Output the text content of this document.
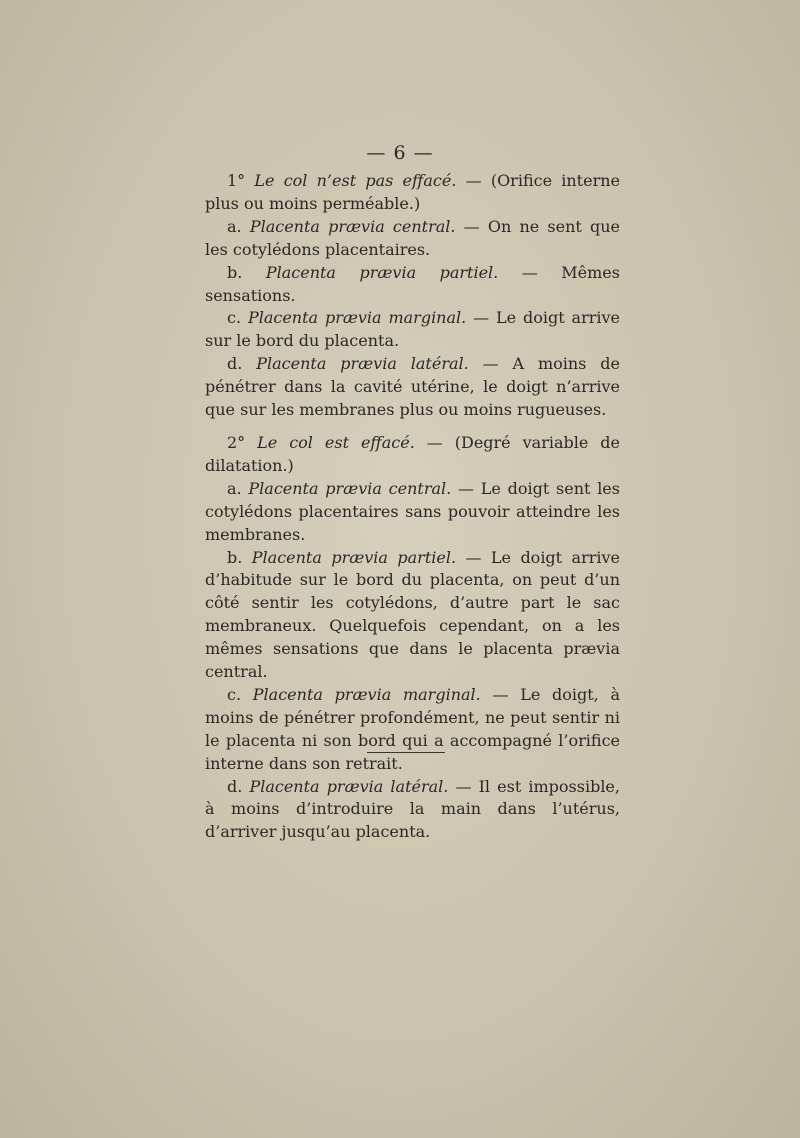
— 6 —

1° Le col n’est pas effacé. — (Orifice interne plus ou moins perméable.)

a. Placenta prævia central. — On ne sent que les cotylédons placentaires.

b. Placenta prævia partiel. — Mêmes sensations.

c. Placenta prævia marginal. — Le doigt arrive sur le bord du placenta.

d. Placenta prævia latéral. — A moins de pénétrer dans la cavité utérine, le doigt n’arrive que sur les membranes plus ou moins rugueuses.

2° Le col est effacé. — (Degré variable de dilatation.)

a. Placenta prævia central. — Le doigt sent les cotylédons placentaires sans pouvoir atteindre les membranes.

b. Placenta prævia partiel. — Le doigt arrive d’habitude sur le bord du placenta, on peut d’un côté sentir les cotylédons, d’autre part le sac membraneux. Quelquefois cependant, on a les mêmes sensations que dans le placenta prævia central.

c. Placenta prævia marginal. — Le doigt, à moins de pénétrer profondément, ne peut sentir ni le placenta ni son bord qui a accompagné l’orifice interne dans son retrait.

d. Placenta prævia latéral. — Il est impossible, à moins d’introduire la main dans l’utérus, d’arriver jusqu’au placenta.
